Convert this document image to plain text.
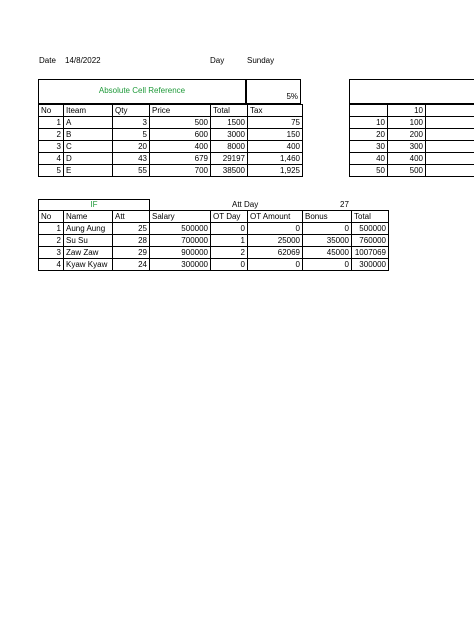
Date 14/8/2022	Day	Sunday
Absolute Cell Reference
5%
No	Iteam	Qty	Price	Total	Tax
1	A	3	500	1500	75
2	B	5	600	3000	150
3	C	20	400	8000	400
4	D	43	679	29197	1,460
5	E	55	700	38500	1,925
	10	
10	100	
20	200	
30	300	
40	400	
50	500	
IF	Att Day	27
No	Name	Att	Salary	OT Day	OT Amount	Bonus	Total
1	Aung Aung	25	500000	0	0	0	500000
2	Su Su	28	700000	1	25000	35000	760000
3	Zaw Zaw	29	900000	2	62069	45000	1007069
4	Kyaw Kyaw	24	300000	0	0	0	300000
